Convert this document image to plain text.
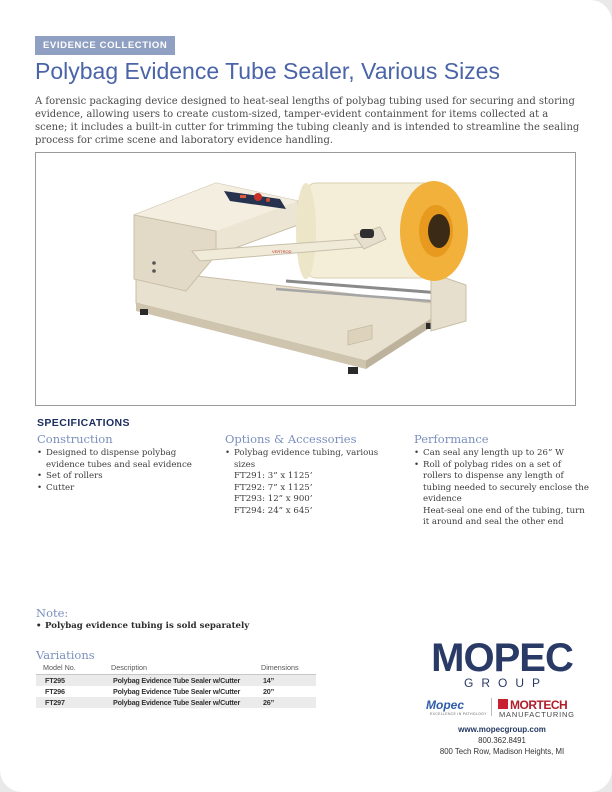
EVIDENCE COLLECTION
Polybag Evidence Tube Sealer, Various Sizes

A forensic packaging device designed to heat-seal lengths of polybag tubing used for securing and storing evidence, allowing users to create custom-sized, tamper-evident containment for items collected at a scene; it includes a built-in cutter for trimming the tubing cleanly and is intended to streamline the sealing process for crime scene and laboratory evidence handling.

VERTROD
SPECIFICATIONS
Construction
• Designed to dispense polybag evidence tubes and seal evidence
• Set of rollers
• Cutter
Options & Accessories
• Polybag evidence tubing, various sizes
FT291: 3” x 1125’
FT292: 7” x 1125’
FT293: 12” x 900’
FT294: 24” x 645’
Performance
• Can seal any length up to 26” W
• Roll of polybag rides on a set of rollers to dispense any length of tubing needed to securely enclose the evidence
Heat-seal one end of the tubing, turn it around and seal the other end
Note:
• Polybag evidence tubing is sold separately
Variations
Model No.	Description	Dimensions
FT295	Polybag Evidence Tube Sealer w/Cutter	14”
FT296	Polybag Evidence Tube Sealer w/Cutter	20”
FT297	Polybag Evidence Tube Sealer w/Cutter	26”
MOPEC
GROUP
Mopec
EXCELLENCE IN PATHOLOGY
MORTECH
MANUFACTURING
www.mopecgroup.com
800.362.8491
800 Tech Row, Madison Heights, MI
